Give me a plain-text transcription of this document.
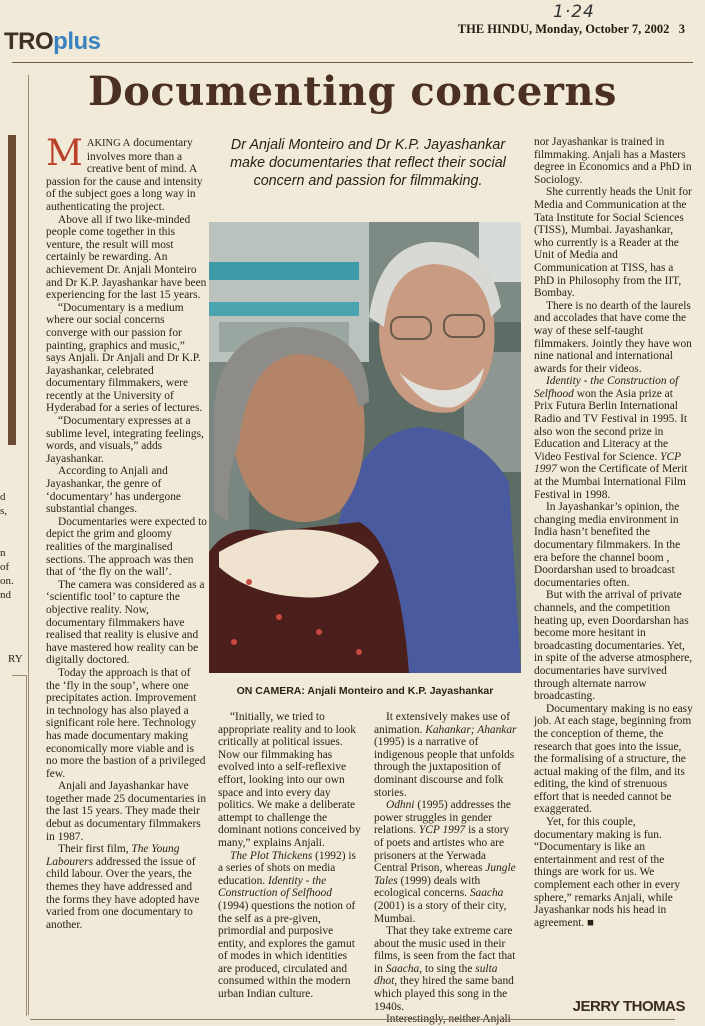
1·24
TROplus	THE HINDU, Monday, October 7, 2002   3
Documenting concerns
d
s,
n
of
on.
nd
RY

MAKING A documentary involves more than a creative bent of mind. A passion for the cause and intensity of the subject goes a long way in authenticating the project.

Above all if two like-minded people come together in this venture, the result will most certainly be rewarding. An achievement Dr. Anjali Monteiro and Dr K.P. Jayashankar have been experiencing for the last 15 years.

“Documentary is a medium where our social concerns converge with our passion for painting, graphics and music,” says Anjali. Dr Anjali and Dr K.P. Jayashankar, celebrated documentary filmmakers, were recently at the University of Hyderabad for a series of lectures.

“Documentary expresses at a sublime level, integrating feelings, words, and visuals,” adds Jayashankar.

According to Anjali and Jayashankar, the genre of ‘documentary’ has undergone substantial changes.

Documentaries were expected to depict the grim and gloomy realities of the marginalised sections. The approach was then that of ‘the fly on the wall’.

The camera was considered as a ‘scientific tool’ to capture the objective reality. Now, documentary filmmakers have realised that reality is elusive and have mastered how reality can be digitally doctored.

Today the approach is that of the ‘fly in the soup’, where one precipitates action. Improvement in technology has also played a significant role here. Technology has made documentary making economically more viable and is no more the bastion of a privileged few.

Anjali and Jayashankar have together made 25 documentaries in the last 15 years. They made their debut as documentary filmmakers in 1987.

Their first film, The Young Labourers addressed the issue of child labour. Over the years, the themes they have addressed and the forms they have adopted have varied from one documentary to another.

Dr Anjali Monteiro and Dr K.P. Jayashankar make documentaries that reflect their social concern and passion for filmmaking.
ON CAMERA: Anjali Monteiro and K.P. Jayashankar

“Initially, we tried to appropriate reality and to look critically at political issues. Now our filmmaking has evolved into a self-reflexive effort, looking into our own space and into every day politics. We make a deliberate attempt to challenge the dominant notions conceived by many,” explains Anjali.

The Plot Thickens (1992) is a series of shots on media education. Identity - the Construction of Selfhood (1994) questions the notion of the self as a pre-given, primordial and purposive entity, and explores the gamut of modes in which identities are produced, circulated and consumed within the modern urban Indian culture.

It extensively makes use of animation. Kahankar; Ahankar (1995) is a narrative of indigenous people that unfolds through the juxtaposition of dominant discourse and folk stories.

Odhni (1995) addresses the power struggles in gender relations. YCP 1997 is a story of poets and artistes who are prisoners at the Yerwada Central Prison, whereas Jungle Tales (1999) deals with ecological concerns. Saacha (2001) is a story of their city, Mumbai.

That they take extreme care about the music used in their films, is seen from the fact that in Saacha, to sing the sulta dhot, they hired the same band which played this song in the 1940s.

Interestingly, neither Anjali

nor Jayashankar is trained in filmmaking. Anjali has a Masters degree in Economics and a PhD in Sociology.

She currently heads the Unit for Media and Communication at the Tata Institute for Social Sciences (TISS), Mumbai. Jayashankar, who currently is a Reader at the Unit of Media and Communication at TISS, has a PhD in Philosophy from the IIT, Bombay.

There is no dearth of the laurels and accolades that have come the way of these self-taught filmmakers. Jointly they have won nine national and international awards for their videos.

Identity - the Construction of Selfhood won the Asia prize at Prix Futura Berlin International Radio and TV Festival in 1995. It also won the second prize in Education and Literacy at the Video Festival for Science. YCP 1997 won the Certificate of Merit at the Mumbai International Film Festival in 1998.

In Jayashankar’s opinion, the changing media environment in India hasn’t benefited the documentary filmmakers. In the era before the channel boom , Doordarshan used to broadcast documentaries often.

But with the arrival of private channels, and the competition heating up, even Doordarshan has become more hesitant in broadcasting documentaries. Yet, in spite of the adverse atmosphere, documentaries have survived through alternate narrow broadcasting.

Documentary making is no easy job. At each stage, beginning from the conception of theme, the research that goes into the issue, the formalising of a structure, the actual making of the film, and its editing, the kind of strenuous effort that is needed cannot be exaggerated.

Yet, for this couple, documentary making is fun. “Documentary is like an entertainment and rest of the things are work for us. We complement each other in every sphere,” remarks Anjali, while Jayashankar nods his head in agreement. ■

JERRY THOMAS
